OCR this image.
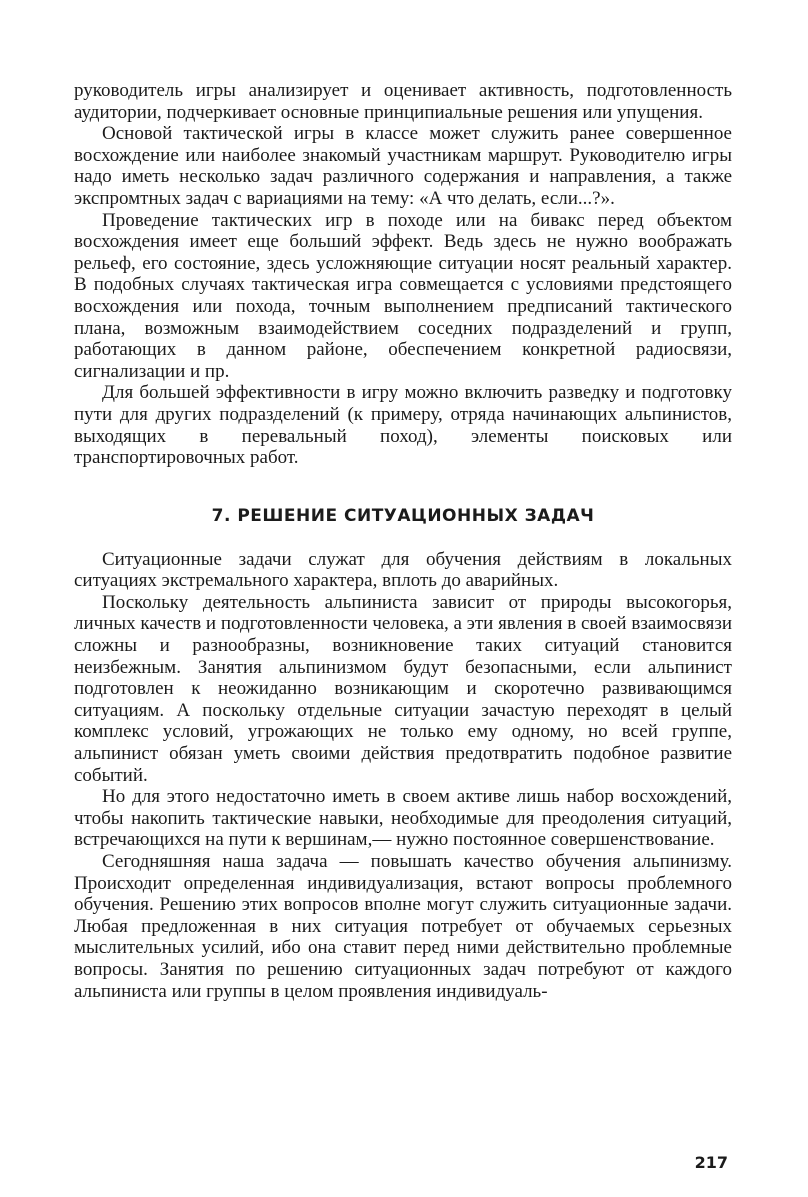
руководитель игры анализирует и оценивает активность, подготовленность аудитории, подчеркивает основные принципиальные решения или упущения.

Основой тактической игры в классе может служить ранее совершенное восхождение или наиболее знакомый участникам маршрут. Руководителю игры надо иметь несколько задач различного содержания и направления, а также экспромтных задач с вариациями на тему: «А что делать, если...?».

Проведение тактических игр в походе или на бивакс перед объектом восхождения имеет еще больший эффект. Ведь здесь не нужно воображать рельеф, его состояние, здесь усложняющие ситуации носят реальный характер. В подобных случаях тактическая игра совмещается с условиями предстоящего восхождения или похода, точным выполнением предписаний тактического плана, возможным взаимодействием соседних подразделений и групп, работающих в данном районе, обеспечением конкретной радиосвязи, сигнализации и пр.

Для большей эффективности в игру можно включить разведку и подготовку пути для других подразделений (к примеру, отряда начинающих альпинистов, выходящих в перевальный поход), элементы поисковых или транспортировочных работ.

7. РЕШЕНИЕ СИТУАЦИОННЫХ ЗАДАЧ

Ситуационные задачи служат для обучения действиям в локальных ситуациях экстремального характера, вплоть до аварийных.

Поскольку деятельность альпиниста зависит от природы высокогорья, личных качеств и подготовленности человека, а эти явления в своей взаимосвязи сложны и разнообразны, возникновение таких ситуаций становится неизбежным. Занятия альпинизмом будут безопасными, если альпинист подготовлен к неожиданно возникающим и скоротечно развивающимся ситуациям. А поскольку отдельные ситуации зачастую переходят в целый комплекс условий, угрожающих не только ему одному, но всей группе, альпинист обязан уметь своими действия предотвратить подобное развитие событий.

Но для этого недостаточно иметь в своем активе лишь набор восхождений, чтобы накопить тактические навыки, необходимые для преодоления ситуаций, встречающихся на пути к вершинам,— нужно постоянное совершенствование.

Сегодняшняя наша задача — повышать качество обучения альпинизму. Происходит определенная индивидуализация, встают вопросы проблемного обучения. Решению этих вопросов вполне могут служить ситуационные задачи. Любая предложенная в них ситуация потребует от обучаемых серьезных мыслительных усилий, ибо она ставит перед ними действительно проблемные вопросы. Занятия по решению ситуационных задач потребуют от каждого альпиниста или группы в целом проявления индивидуаль-

217
